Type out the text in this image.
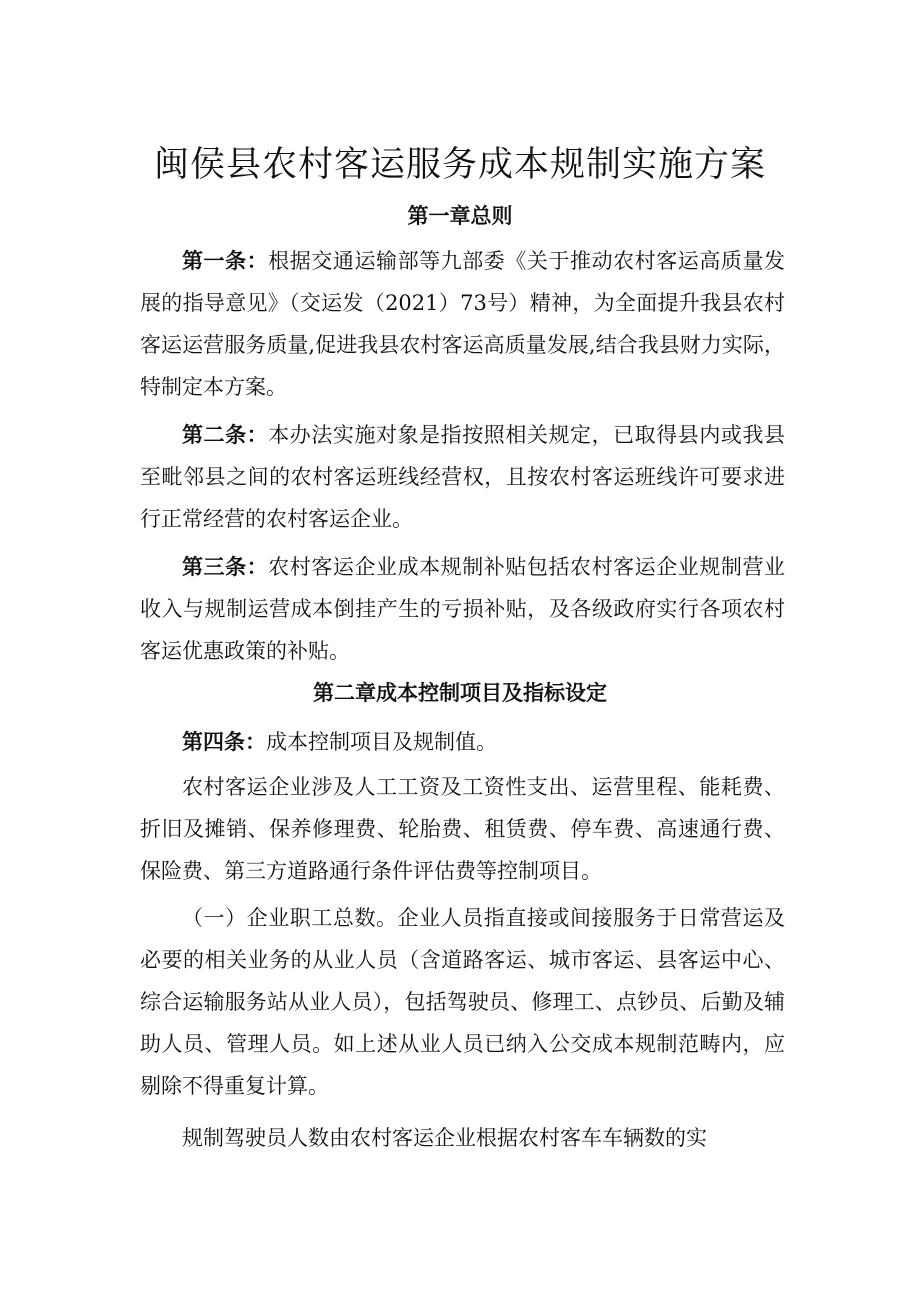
闽侯县农村客运服务成本规制实施方案
第一章总则

第一条：根据交通运输部等九部委《关于推动农村客运高质量发展的指导意见》（交运发（2021）73号）精神，为全面提升我县农村客运运营服务质量,促进我县农村客运高质量发展,结合我县财力实际，特制定本方案。

第二条：本办法实施对象是指按照相关规定，已取得县内或我县至毗邻县之间的农村客运班线经营权，且按农村客运班线许可要求进行正常经营的农村客运企业。

第三条：农村客运企业成本规制补贴包括农村客运企业规制营业收入与规制运营成本倒挂产生的亏损补贴，及各级政府实行各项农村客运优惠政策的补贴。

第二章成本控制项目及指标设定

第四条：成本控制项目及规制值。

农村客运企业涉及人工工资及工资性支出、运营里程、能耗费、折旧及摊销、保养修理费、轮胎费、租赁费、停车费、高速通行费、保险费、第三方道路通行条件评估费等控制项目。

（一）企业职工总数。企业人员指直接或间接服务于日常营运及必要的相关业务的从业人员（含道路客运、城市客运、县客运中心、综合运输服务站从业人员），包括驾驶员、修理工、点钞员、后勤及辅助人员、管理人员。如上述从业人员已纳入公交成本规制范畴内，应剔除不得重复计算。

规制驾驶员人数由农村客运企业根据农村客车车辆数的实
